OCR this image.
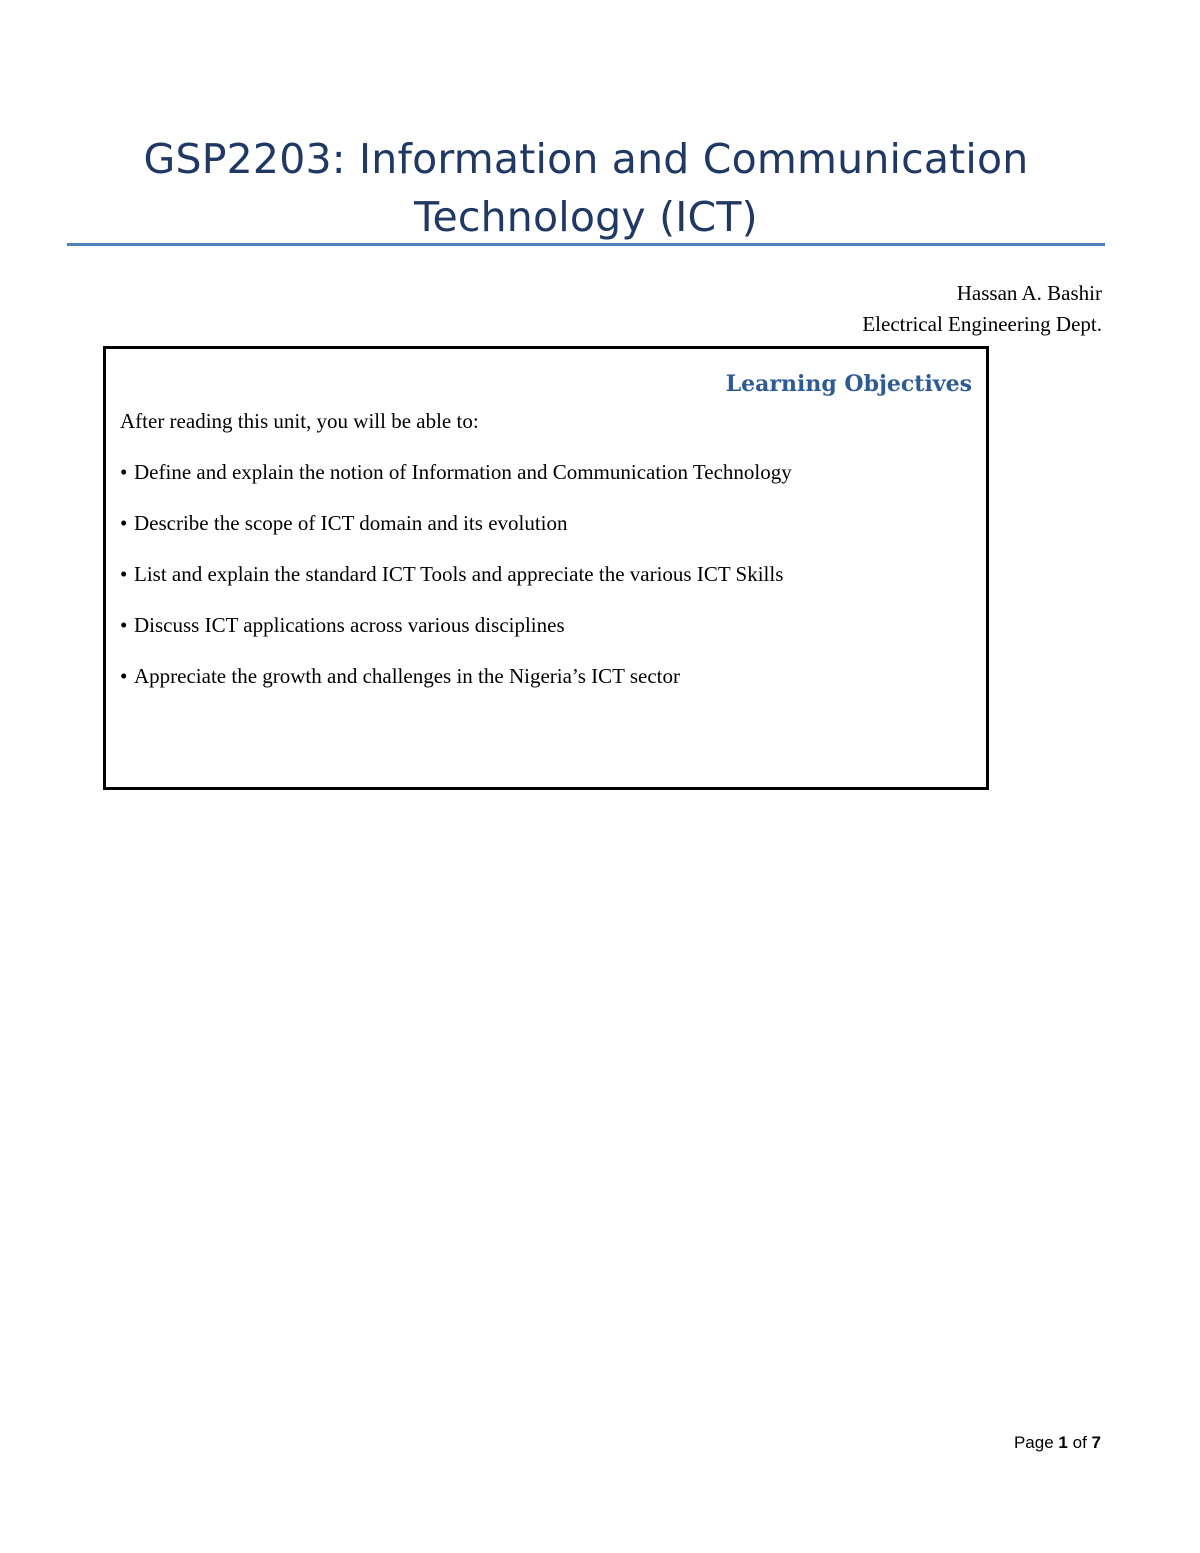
GSP2203: Information and Communication
Technology (ICT)
Hassan A. Bashir
Electrical Engineering Dept.
Learning Objectives
After reading this unit, you will be able to:
• Define and explain the notion of Information and Communication Technology
• Describe the scope of ICT domain and its evolution
• List and explain the standard ICT Tools and appreciate the various ICT Skills
• Discuss ICT applications across various disciplines
• Appreciate the growth and challenges in the Nigeria’s ICT sector
Page 1 of 7
